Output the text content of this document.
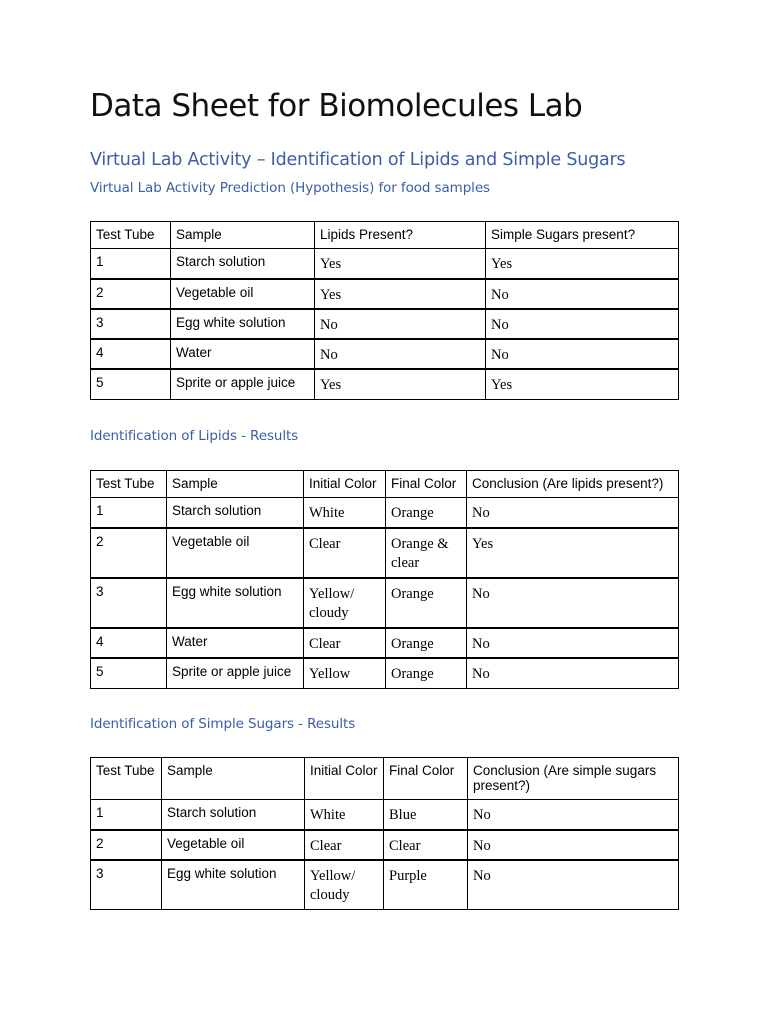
Data Sheet for Biomolecules Lab
Virtual Lab Activity – Identification of Lipids and Simple Sugars
Virtual Lab Activity Prediction (Hypothesis) for food samples
Test Tube	Sample	Lipids Present?	Simple Sugars present?
1	Starch solution	Yes	Yes
2	Vegetable oil	Yes	No
3	Egg white solution	No	No
4	Water	No	No
5	Sprite or apple juice	Yes	Yes
Identification of Lipids - Results
Test Tube	Sample	Initial Color	Final Color	Conclusion (Are lipids present?)
1	Starch solution	White	Orange	No
2	Vegetable oil	Clear	Orange & clear	Yes
3	Egg white solution	Yellow/ cloudy	Orange	No
4	Water	Clear	Orange	No
5	Sprite or apple juice	Yellow	Orange	No
Identification of Simple Sugars - Results
Test Tube	Sample	Initial Color	Final Color	Conclusion (Are simple sugars present?)
1	Starch solution	White	Blue	No
2	Vegetable oil	Clear	Clear	No
3	Egg white solution	Yellow/ cloudy	Purple	No
